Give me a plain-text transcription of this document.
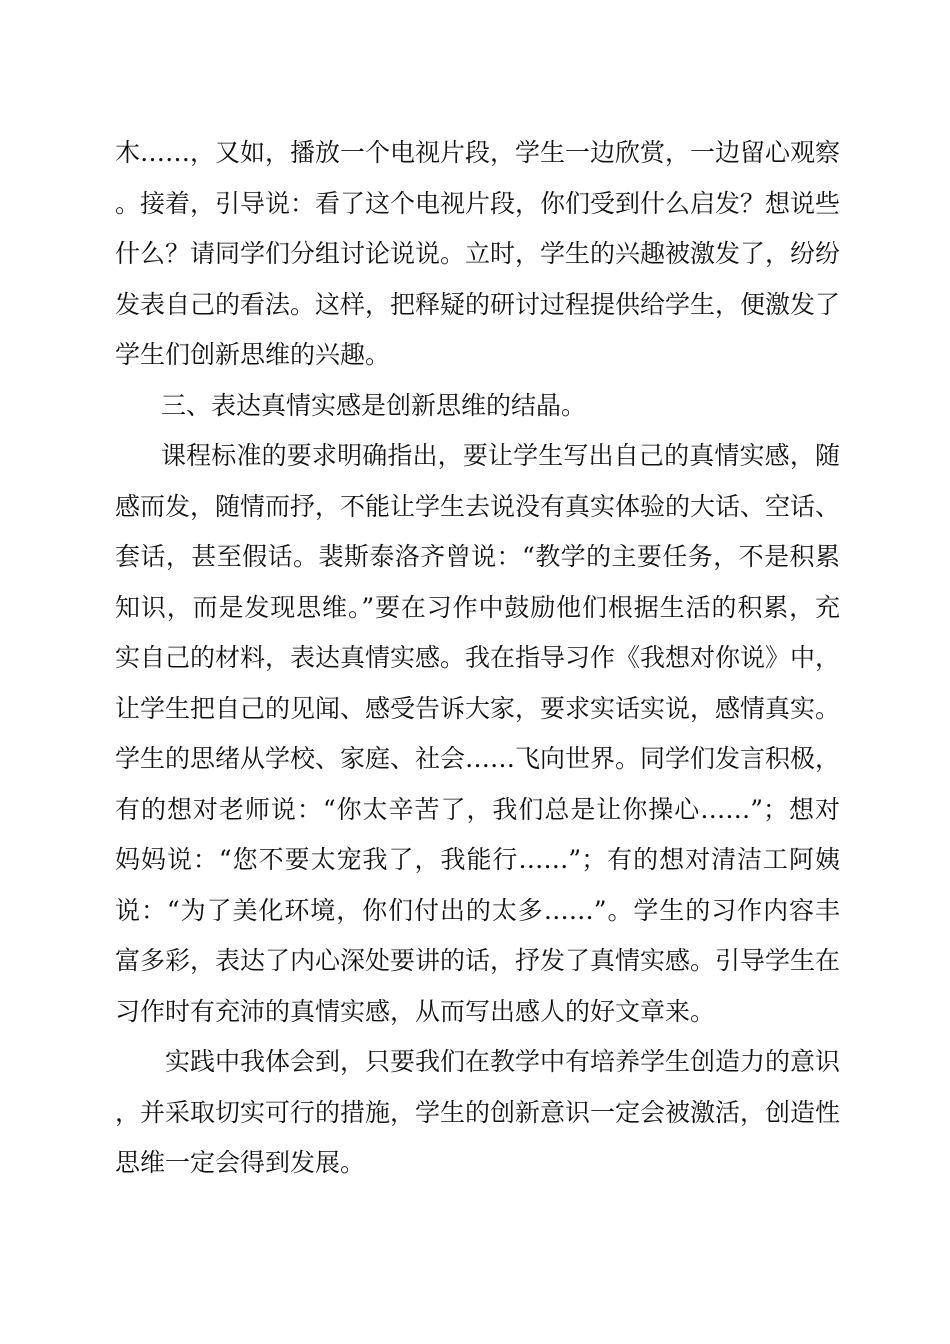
木……，又如，播放一个电视片段，学生一边欣赏，一边留心观察。接着，引导说：看了这个电视片段，你们受到什么启发？想说些什么？请同学们分组讨论说说。立时，学生的兴趣被激发了，纷纷发表自己的看法。这样，把释疑的研讨过程提供给学生，便激发了学生们创新思维的兴趣。

三、表达真情实感是创新思维的结晶。

课程标准的要求明确指出，要让学生写出自己的真情实感，随感而发，随情而抒，不能让学生去说没有真实体验的大话、空话、套话，甚至假话。裴斯泰洛齐曾说：“教学的主要任务，不是积累知识，而是发现思维。”要在习作中鼓励他们根据生活的积累，充实自己的材料，表达真情实感。我在指导习作《我想对你说》中，让学生把自己的见闻、感受告诉大家，要求实话实说，感情真实。学生的思绪从学校、家庭、社会……飞向世界。同学们发言积极，有的想对老师说：“你太辛苦了，我们总是让你操心……”；想对妈妈说：“您不要太宠我了，我能行……”；有的想对清洁工阿姨说：“为了美化环境，你们付出的太多……”。学生的习作内容丰富多彩，表达了内心深处要讲的话，抒发了真情实感。引导学生在习作时有充沛的真情实感，从而写出感人的好文章来。

实践中我体会到，只要我们在教学中有培养学生创造力的意识，并采取切实可行的措施，学生的创新意识一定会被激活，创造性思维一定会得到发展。
